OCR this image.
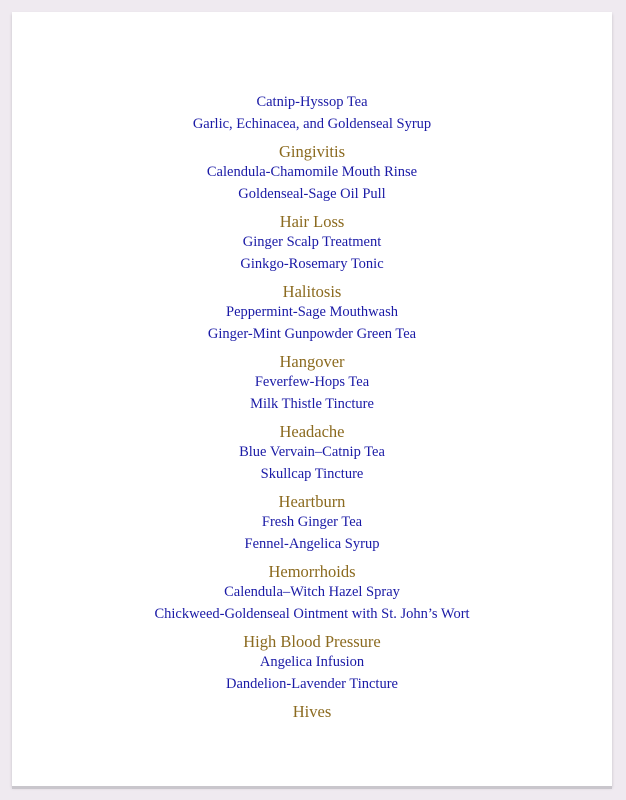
Catnip-Hyssop Tea
Garlic, Echinacea, and Goldenseal Syrup
Gingivitis
Calendula-Chamomile Mouth Rinse
Goldenseal-Sage Oil Pull
Hair Loss
Ginger Scalp Treatment
Ginkgo-Rosemary Tonic
Halitosis
Peppermint-Sage Mouthwash
Ginger-Mint Gunpowder Green Tea
Hangover
Feverfew-Hops Tea
Milk Thistle Tincture
Headache
Blue Vervain–Catnip Tea
Skullcap Tincture
Heartburn
Fresh Ginger Tea
Fennel-Angelica Syrup
Hemorrhoids
Calendula–Witch Hazel Spray
Chickweed-Goldenseal Ointment with St. John’s Wort
High Blood Pressure
Angelica Infusion
Dandelion-Lavender Tincture
Hives
